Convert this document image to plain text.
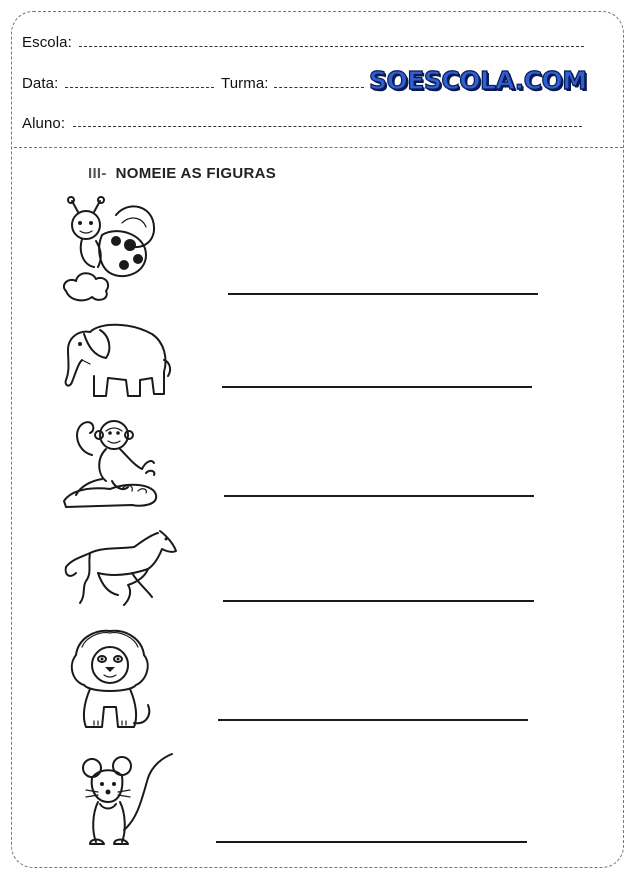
Escola:
Data:	Turma:	SOESCOLA.COM
Aluno:
III- NOMEIE AS FIGURAS
